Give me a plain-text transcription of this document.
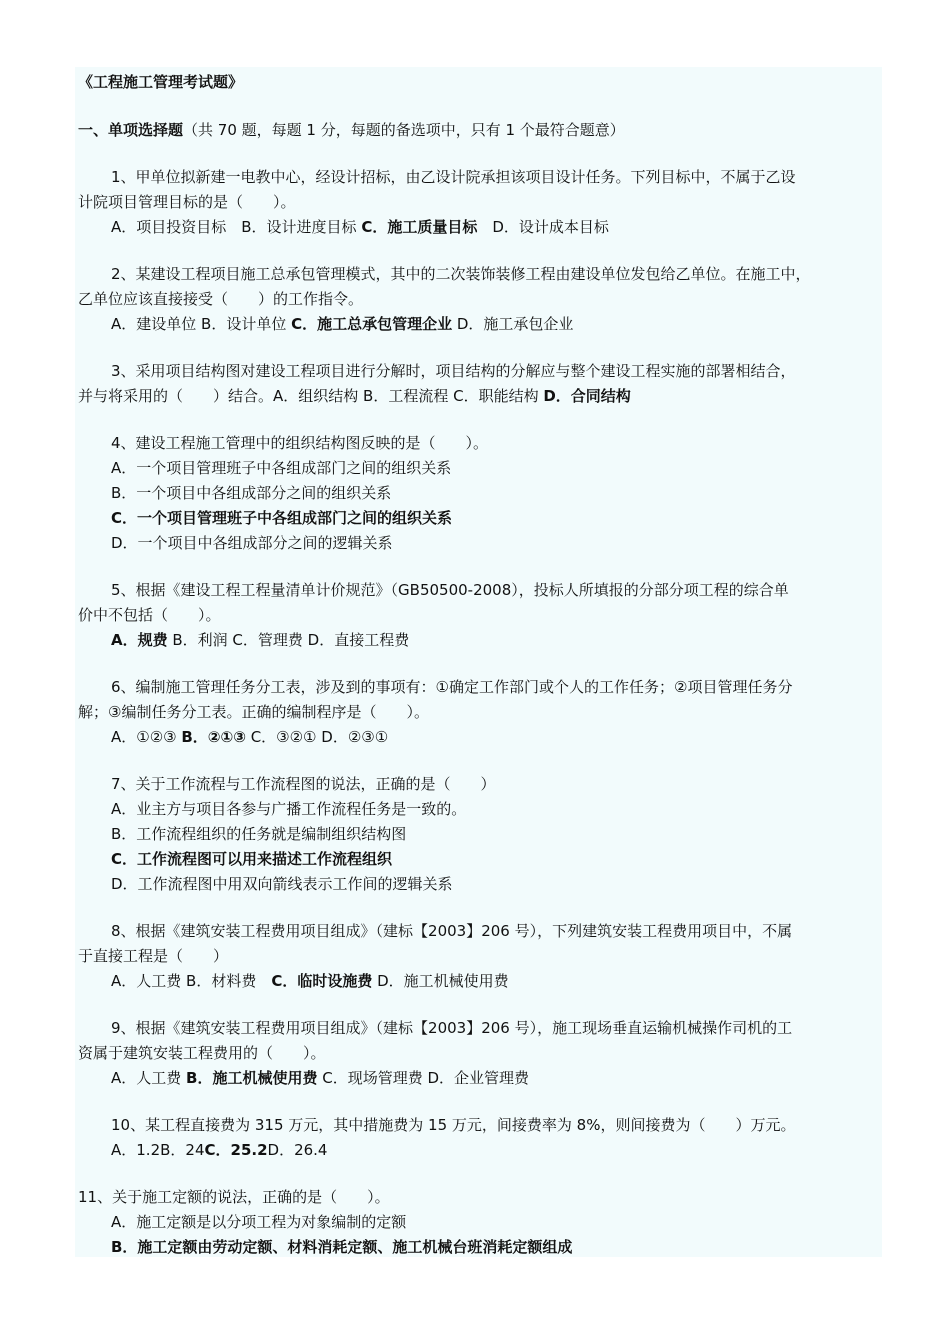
《工程施工管理考试题》
一、单项选择题（共 70 题，每题 1 分，每题的备选项中，只有 1 个最符合题意）
1、甲单位拟新建一电教中心，经设计招标，由乙设计院承担该项目设计任务。下列目标中，不属于乙设
计院项目管理目标的是（　　）。
A．项目投资目标　B．设计进度目标 C．施工质量目标　D．设计成本目标
2、某建设工程项目施工总承包管理模式，其中的二次装饰装修工程由建设单位发包给乙单位。在施工中，
乙单位应该直接接受（　　）的工作指令。
A．建设单位 B．设计单位 C．施工总承包管理企业 D．施工承包企业
3、采用项目结构图对建设工程项目进行分解时，项目结构的分解应与整个建设工程实施的部署相结合，
并与将采用的（　　）结合。A．组织结构 B．工程流程 C．职能结构 D．合同结构
4、建设工程施工管理中的组织结构图反映的是（　　）。
A．一个项目管理班子中各组成部门之间的组织关系
B．一个项目中各组成部分之间的组织关系
C．一个项目管理班子中各组成部门之间的组织关系
D．一个项目中各组成部分之间的逻辑关系
5、根据《建设工程工程量清单计价规范》（GB50500-2008），投标人所填报的分部分项工程的综合单
价中不包括（　　）。
A．规费 B．利润 C．管理费 D．直接工程费
6、编制施工管理任务分工表，涉及到的事项有：①确定工作部门或个人的工作任务；②项目管理任务分
解；③编制任务分工表。正确的编制程序是（　　）。
A．①②③ B．②①③ C．③②① D．②③①
7、关于工作流程与工作流程图的说法，正确的是（　　）
A．业主方与项目各参与广播工作流程任务是一致的。
B．工作流程组织的任务就是编制组织结构图
C．工作流程图可以用来描述工作流程组织
D．工作流程图中用双向箭线表示工作间的逻辑关系
8、根据《建筑安装工程费用项目组成》（建标【2003】206 号），下列建筑安装工程费用项目中，不属
于直接工程是（　　）
A．人工费 B．材料费　C．临时设施费 D．施工机械使用费
9、根据《建筑安装工程费用项目组成》（建标【2003】206 号），施工现场垂直运输机械操作司机的工
资属于建筑安装工程费用的（　　）。
A．人工费 B．施工机械使用费 C．现场管理费 D．企业管理费
10、某工程直接费为 315 万元，其中措施费为 15 万元，间接费率为 8%，则间接费为（　　）万元。
A．1.2B．24C．25.2D．26.4
11、关于施工定额的说法，正确的是（　　）。
A．施工定额是以分项工程为对象编制的定额
B．施工定额由劳动定额、材料消耗定额、施工机械台班消耗定额组成
